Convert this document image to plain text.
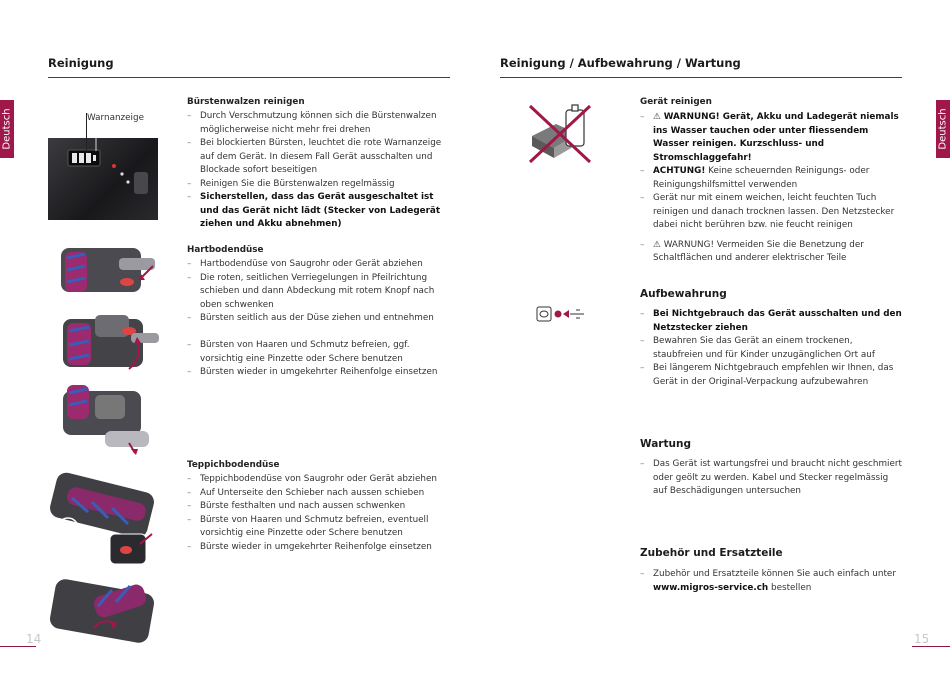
Reinigung
Deutsch	Warnanzeige
Bürstenwalzen reinigen
– Durch Verschmutzung können sich die Bürstenwalzen möglicherweise nicht mehr frei drehen
– Bei blockierten Bürsten, leuchtet die rote Warnanzeige auf dem Gerät. In diesem Fall Gerät ausschalten und Blockade sofort beseitigen
– Reinigen Sie die Bürstenwalzen regelmässig
– Sicherstellen, dass das Gerät ausgeschaltet ist und das Gerät nicht lädt (Stecker von Ladegerät ziehen und Akku abnehmen)
Hartbodendüse
– Hartbodendüse von Saugrohr oder Gerät abziehen
– Die roten, seitlichen Verriegelungen in Pfeilrichtung schieben und dann Abdeckung mit rotem Knopf nach oben schwenken
– Bürsten seitlich aus der Düse ziehen und entnehmen
– Bürsten von Haaren und Schmutz befreien, ggf. vorsichtig eine Pinzette oder Schere benutzen
– Bürsten wieder in umgekehrter Reihenfolge einsetzen
Teppichbodendüse
– Teppichbodendüse von Saugrohr oder Gerät abziehen
– Auf Unterseite den Schieber nach aussen schieben
– Bürste festhalten und nach aussen schwenken
– Bürste von Haaren und Schmutz befreien, eventuell vorsichtig eine Pinzette oder Schere benutzen
– Bürste wieder in umgekehrter Reihenfolge einsetzen
14
Reinigung / Aufbewahrung / Wartung
Deutsch
Gerät reinigen
– ⚠ WARNUNG! Gerät, Akku und Ladegerät niemals ins Wasser tauchen oder unter fliessendem Wasser reinigen. Kurzschluss- und Stromschlaggefahr!
– ACHTUNG! Keine scheuernden Reinigungs- oder Reinigungshilfsmittel verwenden
– Gerät nur mit einem weichen, leicht feuchten Tuch reinigen und danach trocknen lassen. Den Netzstecker dabei nicht berühren bzw. nie feucht reinigen
– ⚠ WARNUNG! Vermeiden Sie die Benetzung der Schaltflächen und anderer elektrischer Teile
Aufbewahrung
– Bei Nichtgebrauch das Gerät ausschalten und den Netzstecker ziehen
– Bewahren Sie das Gerät an einem trockenen, staubfreien und für Kinder unzugänglichen Ort auf
– Bei längerem Nichtgebrauch empfehlen wir Ihnen, das Gerät in der Original-Verpackung aufzubewahren
Wartung
– Das Gerät ist wartungsfrei und braucht nicht geschmiert oder geölt zu werden. Kabel und Stecker regelmässig auf Beschädigungen untersuchen
Zubehör und Ersatzteile
– Zubehör und Ersatzteile können Sie auch einfach unter www.migros-service.ch bestellen
15
